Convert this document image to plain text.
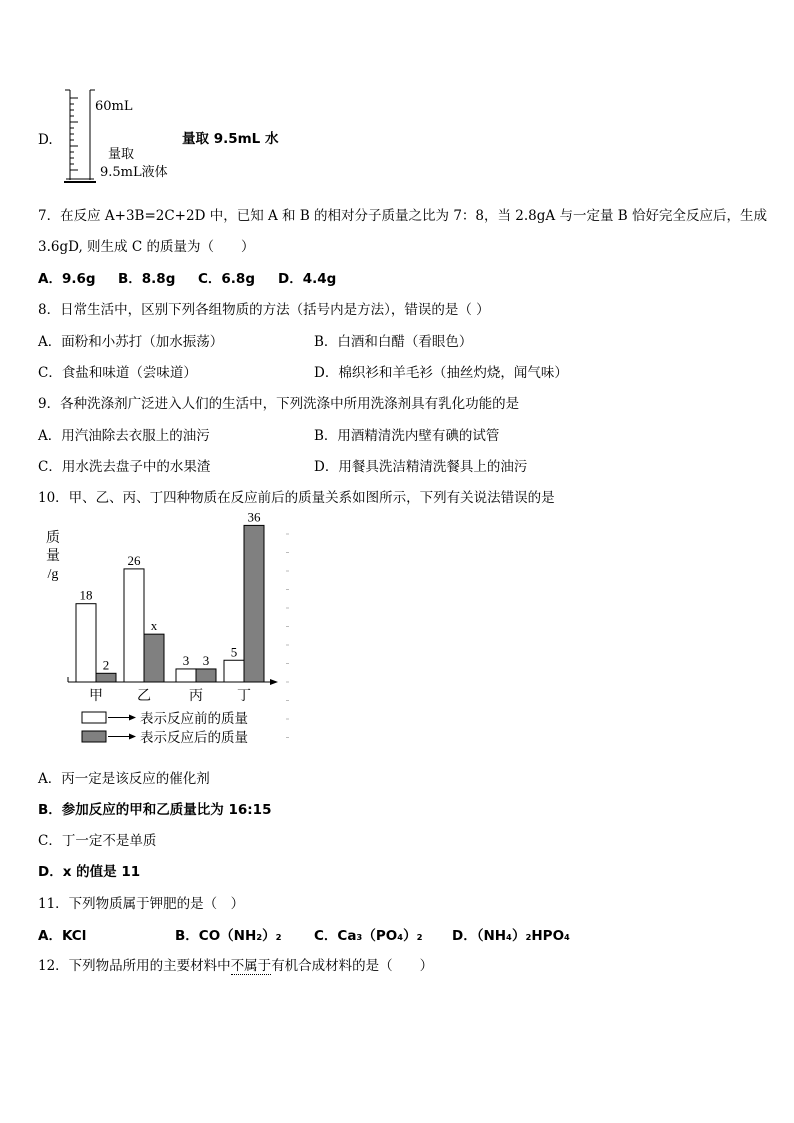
D.
60mL
量取
9.5mL液体
量取 9.5mL 水
7．在反应 A+3B=2C+2D 中，已知 A 和 B 的相对分子质量之比为 7：8，当 2.8gA 与一定量 B 恰好完全反应后，生成
3.6gD, 则生成 C 的质量为（　　）
A．9.6g B．8.8g C．6.8g D．4.4g
8．日常生活中，区别下列各组物质的方法（括号内是方法），错误的是（ ）
A．面粉和小苏打（加水振荡）	B．白酒和白醋（看眼色）
C．食盐和味道（尝味道）	D．棉织衫和羊毛衫（抽丝灼烧，闻气味）
9．各种洗涤剂广泛进入人们的生活中，下列洗涤中所用洗涤剂具有乳化功能的是
A．用汽油除去衣服上的油污	B．用酒精清洗内壁有碘的试管
C．用水洗去盘子中的水果渣	D．用餐具洗洁精清洗餐具上的油污
10．甲、乙、丙、丁四种物质在反应前后的质量关系如图所示，下列有关说法错误的是
质
量
/g
18
2
甲
26
x
乙
3 3
丙
5
36
丁
表示反应前的质量
表示反应后的质量
A．丙一定是该反应的催化剂
B．参加反应的甲和乙质量比为 16:15
C．丁一定不是单质
D．x 的值是 11
11．下列物质属于钾肥的是（　）
A．KCl	B．CO（NH₂）₂ C．Ca₃（PO₄）₂ D．（NH₄）₂HPO₄
12．下列物品所用的主要材料中不属于有机合成材料的是（　　）
